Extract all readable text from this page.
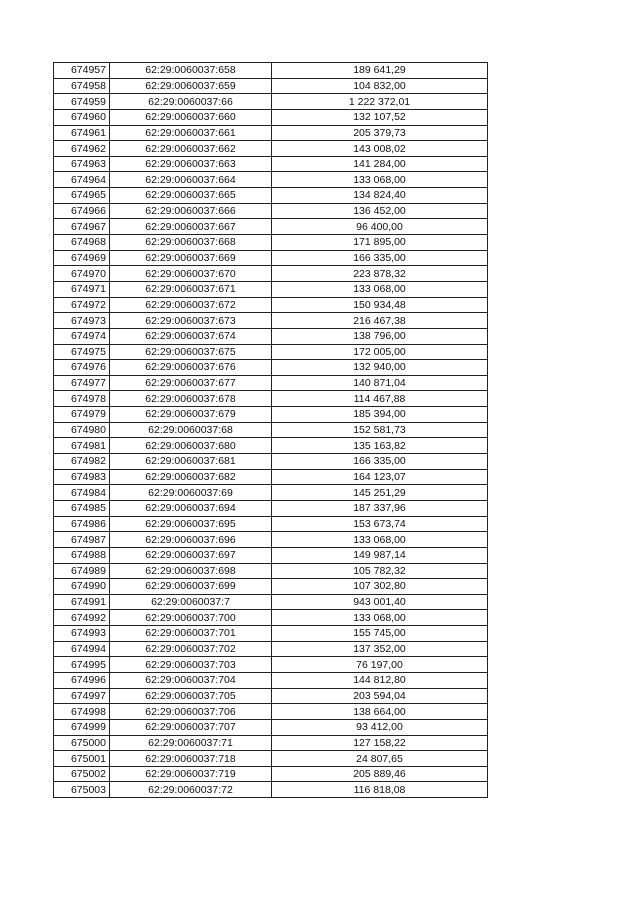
674957	62:29:0060037:658	189 641,29
674958	62:29:0060037:659	104 832,00
674959	62:29:0060037:66	1 222 372,01
674960	62:29:0060037:660	132 107,52
674961	62:29:0060037:661	205 379,73
674962	62:29:0060037:662	143 008,02
674963	62:29:0060037:663	141 284,00
674964	62:29:0060037:664	133 068,00
674965	62:29:0060037:665	134 824,40
674966	62:29:0060037:666	136 452,00
674967	62:29:0060037:667	96 400,00
674968	62:29:0060037:668	171 895,00
674969	62:29:0060037:669	166 335,00
674970	62:29:0060037:670	223 878,32
674971	62:29:0060037:671	133 068,00
674972	62:29:0060037:672	150 934,48
674973	62:29:0060037:673	216 467,38
674974	62:29:0060037:674	138 796,00
674975	62:29:0060037:675	172 005,00
674976	62:29:0060037:676	132 940,00
674977	62:29:0060037:677	140 871,04
674978	62:29:0060037:678	114 467,88
674979	62:29:0060037:679	185 394,00
674980	62:29:0060037:68	152 581,73
674981	62:29:0060037:680	135 163,82
674982	62:29:0060037:681	166 335,00
674983	62:29:0060037:682	164 123,07
674984	62:29:0060037:69	145 251,29
674985	62:29:0060037:694	187 337,96
674986	62:29:0060037:695	153 673,74
674987	62:29:0060037:696	133 068,00
674988	62:29:0060037:697	149 987,14
674989	62:29:0060037:698	105 782,32
674990	62:29:0060037:699	107 302,80
674991	62:29:0060037:7	943 001,40
674992	62:29:0060037:700	133 068,00
674993	62:29:0060037:701	155 745,00
674994	62:29:0060037:702	137 352,00
674995	62:29:0060037:703	76 197,00
674996	62:29:0060037:704	144 812,80
674997	62:29:0060037:705	203 594,04
674998	62:29:0060037:706	138 664,00
674999	62:29:0060037:707	93 412,00
675000	62:29:0060037:71	127 158,22
675001	62:29:0060037:718	24 807,65
675002	62:29:0060037:719	205 889,46
675003	62:29:0060037:72	116 818,08
